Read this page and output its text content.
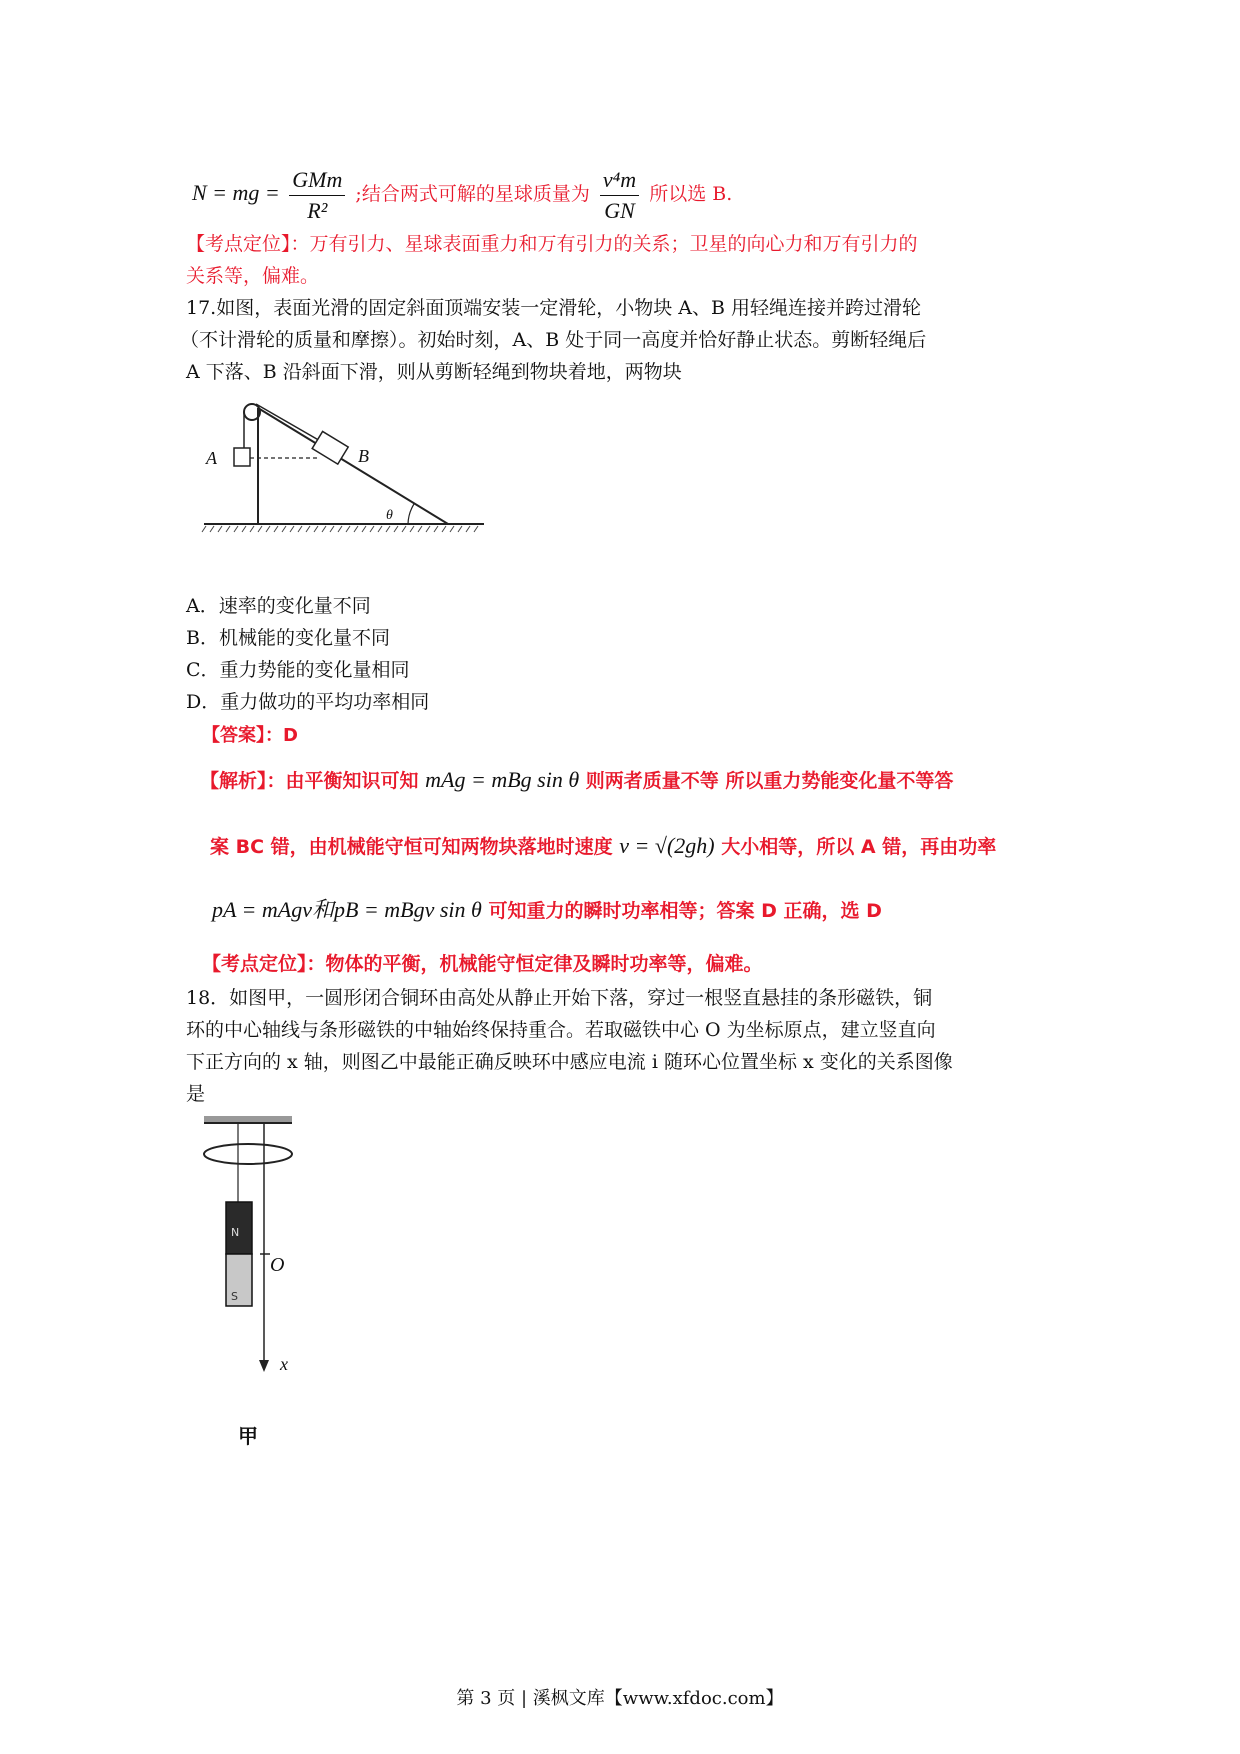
N = mg = $\frac{\text{GMm}}{\text{R²}}$ ;结合两式可解的星球质量为 $\frac{\text{v⁴m}}{GN}$ 所以选 B.
【考点定位】：万有引力、星球表面重力和万有引力的关系；卫星的向心力和万有引力的
关系等，偏难。
17.如图，表面光滑的固定斜面顶端安装一定滑轮，小物块 A、B 用轻绳连接并跨过滑轮
（不计滑轮的质量和摩擦）。初始时刻，A、B 处于同一高度并恰好静止状态。剪断轻绳后
A 下落、B 沿斜面下滑，则从剪断轻绳到物块着地，两物块
A	B
θ
A．速率的变化量不同
B．机械能的变化量不同
C．重力势能的变化量相同
D．重力做功的平均功率相同
【答案】：D
【解析】：由平衡知识可知 mAg = mBg sin θ 则两者质量不等 所以重力势能变化量不等答
案 BC 错，由机械能守恒可知两物块落地时速度 v = √(2gh) 大小相等，所以 A 错，再由功率
pA = mAgv和pB = mBgv sin θ 可知重力的瞬时功率相等；答案 D 正确，选 D
【考点定位】：物体的平衡，机械能守恒定律及瞬时功率等，偏难。
18．如图甲，一圆形闭合铜环由高处从静止开始下落，穿过一根竖直悬挂的条形磁铁，铜
环的中心轴线与条形磁铁的中轴始终保持重合。若取磁铁中心 O 为坐标原点，建立竖直向
下正方向的 x 轴，则图乙中最能正确反映环中感应电流 i 随环心位置坐标 x 变化的关系图像
是
N
S
O
x
甲
第 3 页 | 溪枫文库【www.xfdoc.com】
